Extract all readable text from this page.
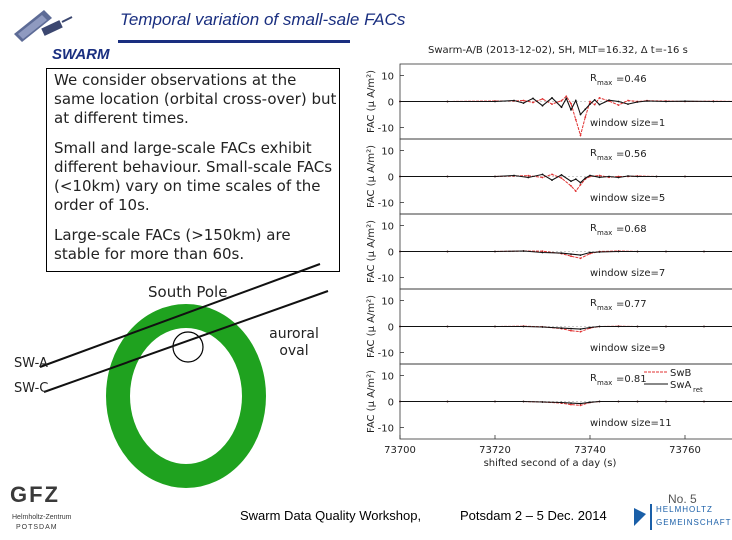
SWARM
Temporal variation of small-sale FACs
We consider observations at the same location (orbital cross-over) but at different times.
Small and large-scale FACs exhibit different behaviour. Small-scale FACs (<10km) vary on time scales of the order of 10s.
Large-scale FACs (>150km) are stable for more than 60s.
South Pole
auroral oval
SW-A
SW-C
Swarm-A/B (2013-12-02), SH, MLT=16.32, Δ t=-16 s
10
0
-10
FAC (µ A/m²)	R max =0.46
window size=1
10
0
-10
FAC (µ A/m²)	R max =0.56
window size=5
10
0
-10
FAC (µ A/m²)	R max =0.68
window size=7
10
0
-10
FAC (µ A/m²)	R max =0.77
window size=9
10
0
-10
FAC (µ A/m²)	R max =0.81
window size=11
SwB
SwA ret
73700	73720	73740	73760
shifted second of a day (s)
GFZ
Helmholtz-Zentrum
POTSDAM
Swarm Data Quality Workshop,	Potsdam 2 – 5 Dec. 2014
No. 5
HELMHOLTZ
GEMEINSCHAFT
